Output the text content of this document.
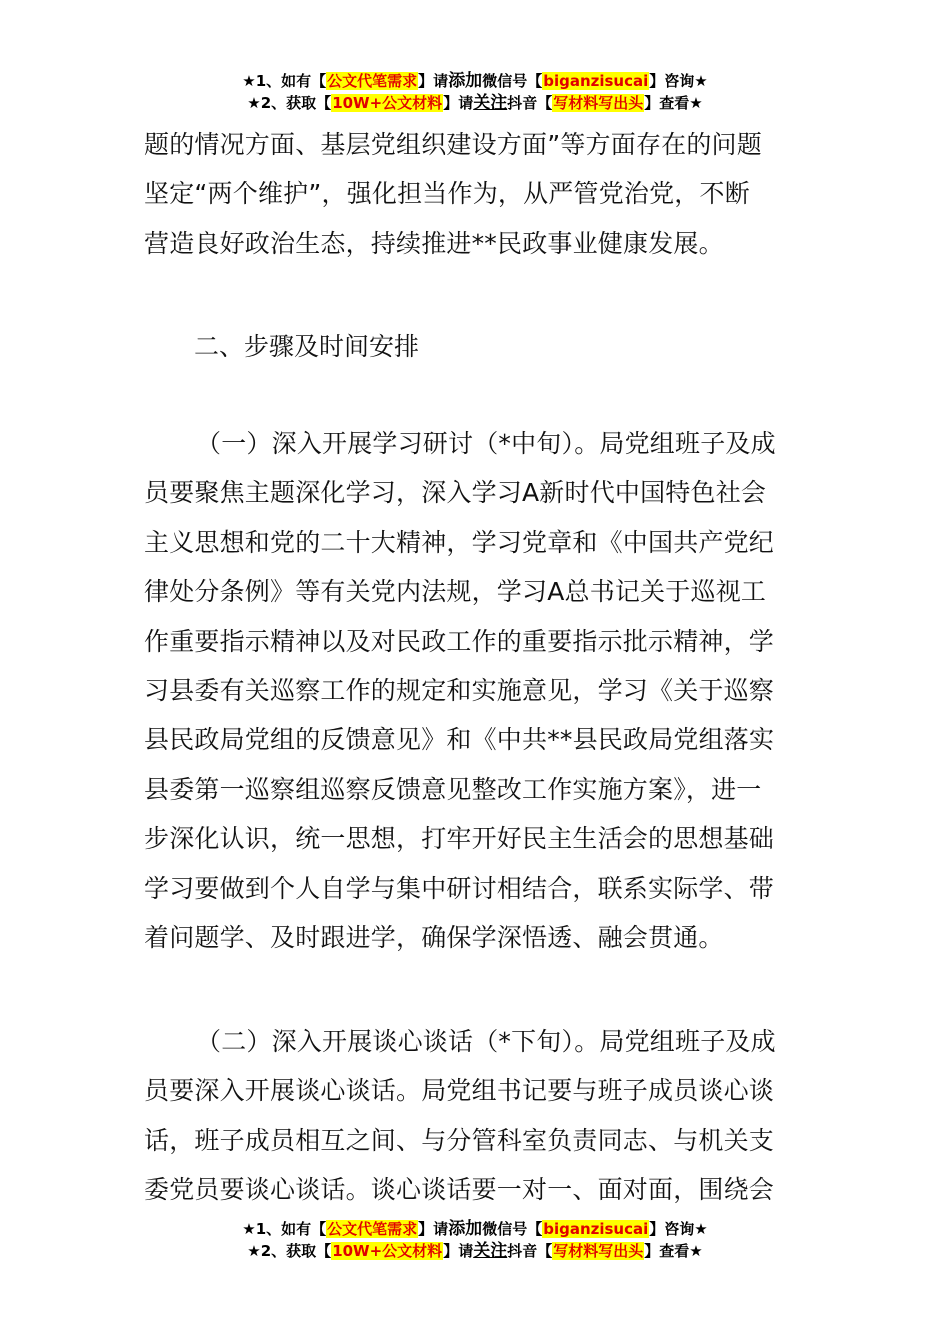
★1、如有【公文代笔需求】请添加微信号【biganzisucai】咨询★
★2、获取【10W+公文材料】请关注抖音【写材料写出头】查看★
题的情况方面、基层党组织建设方面”等方面存在的问题
坚定“两个维护”，强化担当作为，从严管党治党，不断
营造良好政治生态，持续推进**民政事业健康发展。
二、步骤及时间安排
（一）深入开展学习研讨（*中旬）。局党组班子及成
员要聚焦主题深化学习，深入学习A新时代中国特色社会
主义思想和党的二十大精神，学习党章和《中国共产党纪
律处分条例》等有关党内法规，学习A总书记关于巡视工
作重要指示精神以及对民政工作的重要指示批示精神，学
习县委有关巡察工作的规定和实施意见，学习《关于巡察
县民政局党组的反馈意见》和《中共**县民政局党组落实
县委第一巡察组巡察反馈意见整改工作实施方案》，进一
步深化认识，统一思想，打牢开好民主生活会的思想基础
学习要做到个人自学与集中研讨相结合，联系实际学、带
着问题学、及时跟进学，确保学深悟透、融会贯通。
（二）深入开展谈心谈话（*下旬）。局党组班子及成
员要深入开展谈心谈话。局党组书记要与班子成员谈心谈
话，班子成员相互之间、与分管科室负责同志、与机关支
委党员要谈心谈话。谈心谈话要一对一、面对面，围绕会
★1、如有【公文代笔需求】请添加微信号【biganzisucai】咨询★
★2、获取【10W+公文材料】请关注抖音【写材料写出头】查看★
